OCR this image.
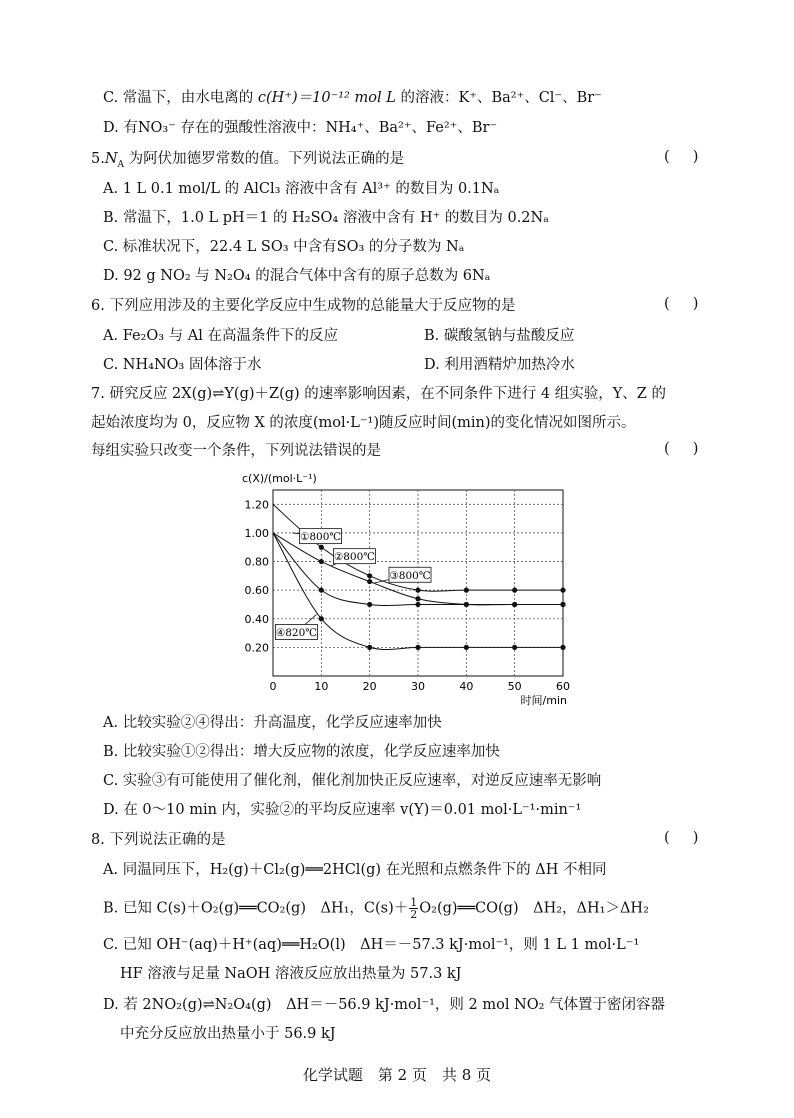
C. 常温下，由水电离的 c(H⁺)＝10⁻¹² mol L 的溶液：K⁺、Ba²⁺、Cl⁻、Br⁻
D. 有NO₃⁻ 存在的强酸性溶液中：NH₄⁺、Ba²⁺、Fe²⁺、Br⁻
$5.N_A$ 为阿伏加德罗常数的值。下列说法正确的是	(     )
A. 1 L 0.1 mol/L 的 AlCl₃ 溶液中含有 Al³⁺ 的数目为 0.1Nₐ
B. 常温下，1.0 L pH＝1 的 H₂SO₄ 溶液中含有 H⁺ 的数目为 0.2Nₐ
C. 标准状况下，22.4 L SO₃ 中含有SO₃ 的分子数为 Nₐ
D. 92 g NO₂ 与 N₂O₄ 的混合气体中含有的原子总数为 6Nₐ
6. 下列应用涉及的主要化学反应中生成物的总能量大于反应物的是	(     )
A. Fe₂O₃ 与 Al 在高温条件下的反应	B. 碳酸氢钠与盐酸反应
C. NH₄NO₃ 固体溶于水	D. 利用酒精炉加热冷水
7. 研究反应 2X(g)⇌Y(g)＋Z(g) 的速率影响因素，在不同条件下进行 4 组实验，Y、Z 的
起始浓度均为 0，反应物 X 的浓度(mol·L⁻¹)随反应时间(min)的变化情况如图所示。
每组实验只改变一个条件，下列说法错误的是	(     )
0	10	20	30	40	50	60
0.20
0.40
0.60
0.80
1.00
1.20
c(X)/(mol·L⁻¹)
时间/min
①800℃
②800℃
③800℃
④820℃
A. 比较实验②④得出：升高温度，化学反应速率加快
B. 比较实验①②得出：增大反应物的浓度，化学反应速率加快
C. 实验③有可能使用了催化剂，催化剂加快正反应速率，对逆反应速率无影响
D. 在 0～10 min 内，实验②的平均反应速率 v(Y)＝0.01 mol·L⁻¹·min⁻¹
8. 下列说法正确的是	(     )
A. 同温同压下，H₂(g)＋Cl₂(g)══2HCl(g) 在光照和点燃条件下的 ΔH 不相同
B. 已知 C(s)＋O₂(g)══CO₂(g)　ΔH₁，$C(s)+ \frac{1}{2}$ O₂(g)══CO(g)　ΔH₂，ΔH₁＞ΔH₂
C. 已知 OH⁻(aq)＋H⁺(aq)══H₂O(l)　ΔH＝－57.3 kJ·mol⁻¹，则 1 L 1 mol·L⁻¹
HF 溶液与足量 NaOH 溶液反应放出热量为 57.3 kJ
D. 若 2NO₂(g)⇌N₂O₄(g)　ΔH＝－56.9 kJ·mol⁻¹，则 2 mol NO₂ 气体置于密闭容器
中充分反应放出热量小于 56.9 kJ
化学试题　第 2 页　共 8 页
